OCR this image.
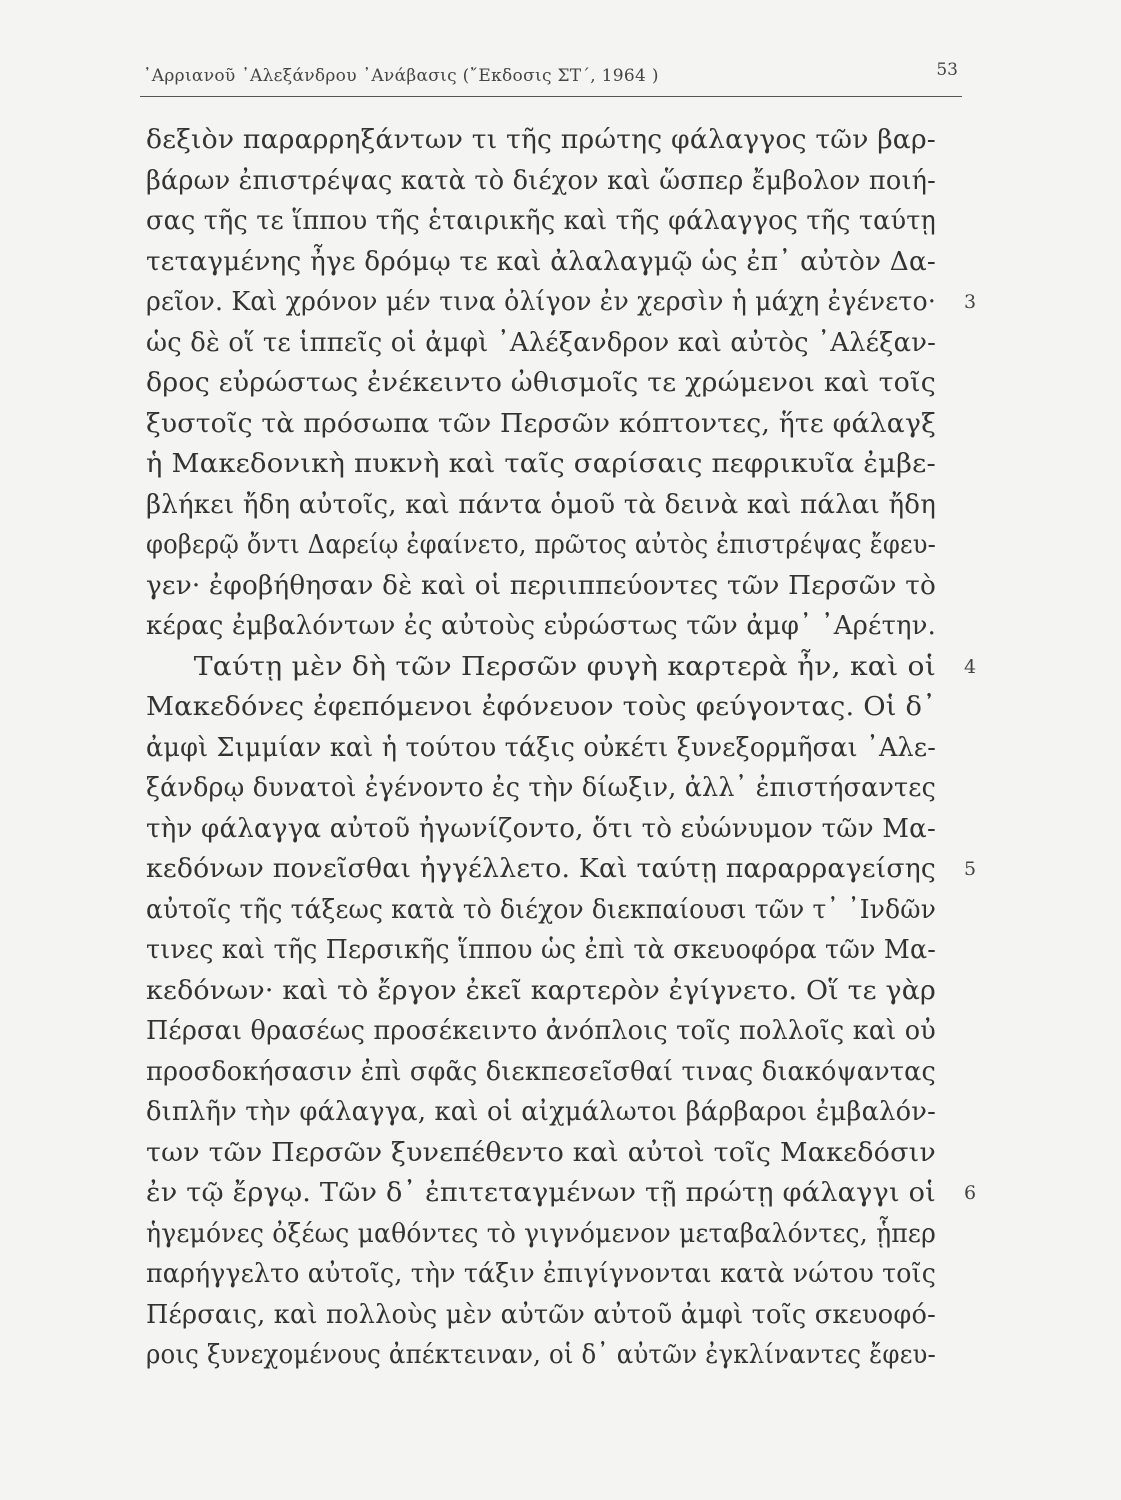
᾿Αρριανοῦ ᾿Αλεξάνδρου ᾿Ανάβασις (῎Εκδοσις ΣΤ΄, 1964 )	53
δεξιὸν παραρρηξάντων τι τῆς πρώτης φάλαγγος τῶν βαρ-
βάρων ἐπιστρέψας κατὰ τὸ διέχον καὶ ὥσπερ ἔμβολον ποιή-
σας τῆς τε ἵππου τῆς ἑταιρικῆς καὶ τῆς φάλαγγος τῆς ταύτῃ
τεταγμένης ἦγε δρόμῳ τε καὶ ἀλαλαγμῷ ὡς ἐπ᾿ αὐτὸν Δα-
ρεῖον. Καὶ χρόνον μέν τινα ὀλίγον ἐν χερσὶν ἡ μάχη ἐγένετο· 3
ὡς δὲ οἵ τε ἱππεῖς οἱ ἀμφὶ ᾿Αλέξανδρον καὶ αὐτὸς ᾿Αλέξαν-
δρος εὐρώστως ἐνέκειντο ὠθισμοῖς τε χρώμενοι καὶ τοῖς
ξυστοῖς τὰ πρόσωπα τῶν Περσῶν κόπτοντες, ἥτε φάλαγξ
ἡ Μακεδονικὴ πυκνὴ καὶ ταῖς σαρίσαις πεφρικυῖα ἐμβε-
βλήκει ἤδη αὐτοῖς, καὶ πάντα ὁμοῦ τὰ δεινὰ καὶ πάλαι ἤδη
φοβερῷ ὄντι Δαρείῳ ἐφαίνετο, πρῶτος αὐτὸς ἐπιστρέψας ἔφευ-
γεν· ἐφοβήθησαν δὲ καὶ οἱ περιιππεύοντες τῶν Περσῶν τὸ
κέρας ἐμβαλόντων ἐς αὐτοὺς εὐρώστως τῶν ἀμφ᾿ ᾿Αρέτην.
Ταύτῃ μὲν δὴ τῶν Περσῶν φυγὴ καρτερὰ ἦν, καὶ οἱ 4
Μακεδόνες ἐφεπόμενοι ἐφόνευον τοὺς φεύγοντας. Οἱ δ᾿
ἀμφὶ Σιμμίαν καὶ ἡ τούτου τάξις οὐκέτι ξυνεξορμῆσαι ᾿Αλε-
ξάνδρῳ δυνατοὶ ἐγένοντο ἐς τὴν δίωξιν, ἀλλ᾿ ἐπιστήσαντες
τὴν φάλαγγα αὐτοῦ ἠγωνίζοντο, ὅτι τὸ εὐώνυμον τῶν Μα-
κεδόνων πονεῖσθαι ἠγγέλλετο. Καὶ ταύτῃ παραρραγείσης 5
αὐτοῖς τῆς τάξεως κατὰ τὸ διέχον διεκπαίουσι τῶν τ᾿ ᾿Ινδῶν
τινες καὶ τῆς Περσικῆς ἵππου ὡς ἐπὶ τὰ σκευοφόρα τῶν Μα-
κεδόνων· καὶ τὸ ἔργον ἐκεῖ καρτερὸν ἐγίγνετο. Οἵ τε γὰρ
Πέρσαι θρασέως προσέκειντο ἀνόπλοις τοῖς πολλοῖς καὶ οὐ
προσδοκήσασιν ἐπὶ σφᾶς διεκπεσεῖσθαί τινας διακόψαντας
διπλῆν τὴν φάλαγγα, καὶ οἱ αἰχμάλωτοι βάρβαροι ἐμβαλόν-
των τῶν Περσῶν ξυνεπέθεντο καὶ αὐτοὶ τοῖς Μακεδόσιν
ἐν τῷ ἔργῳ. Τῶν δ᾿ ἐπιτεταγμένων τῇ πρώτῃ φάλαγγι οἱ 6
ἡγεμόνες ὀξέως μαθόντες τὸ γιγνόμενον μεταβαλόντες, ᾗπερ
παρήγγελτο αὐτοῖς, τὴν τάξιν ἐπιγίγνονται κατὰ νώτου τοῖς
Πέρσαις, καὶ πολλοὺς μὲν αὐτῶν αὐτοῦ ἀμφὶ τοῖς σκευοφό-
ροις ξυνεχομένους ἀπέκτειναν, οἱ δ᾿ αὐτῶν ἐγκλίναντες ἔφευ-
